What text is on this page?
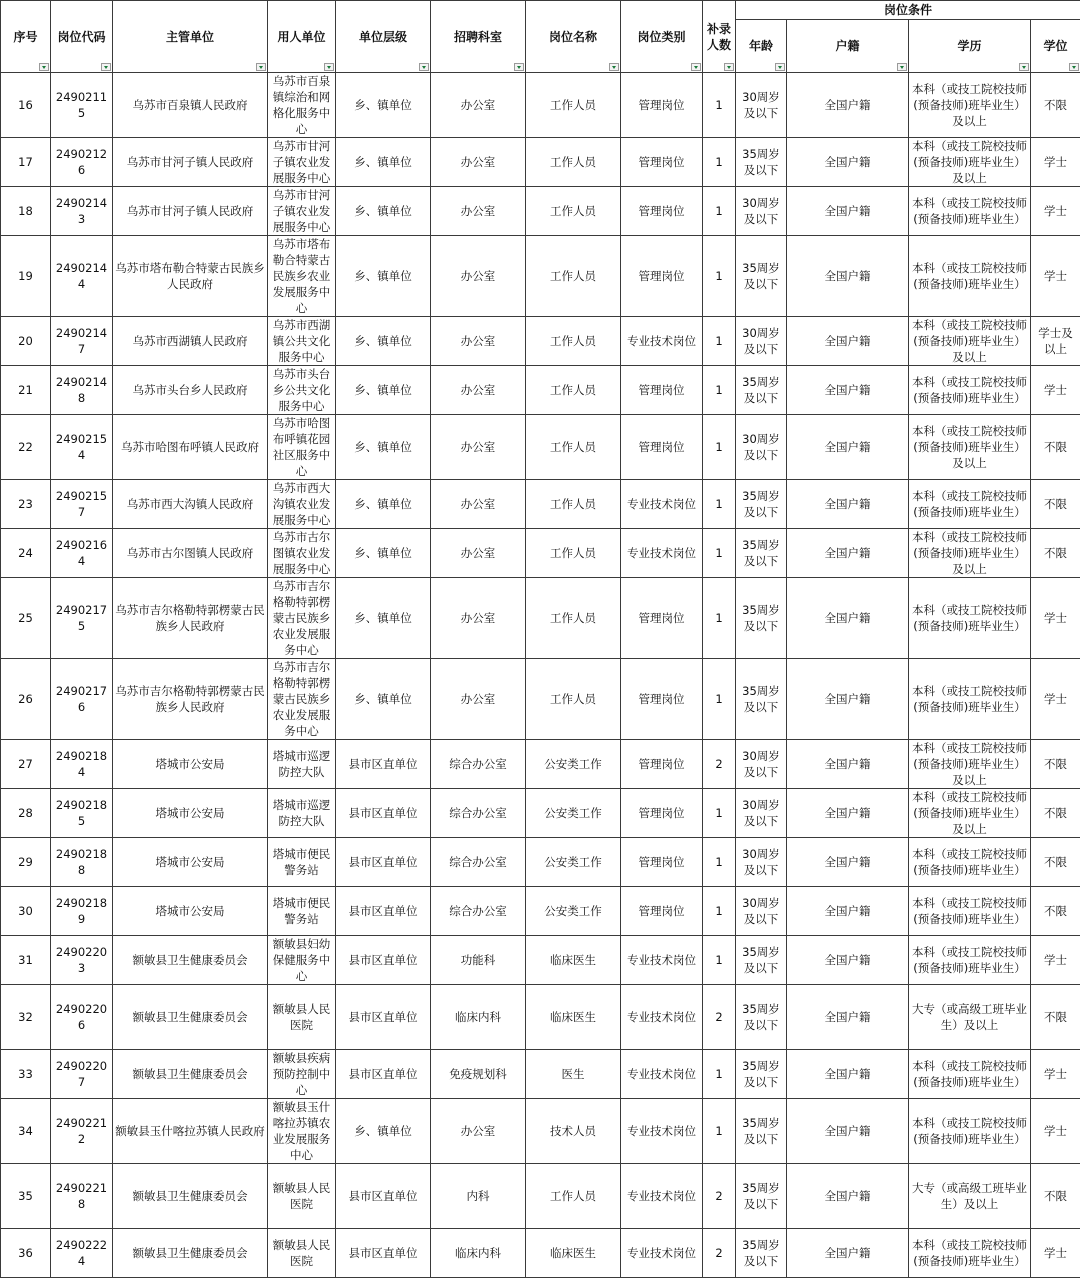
序号	岗位代码	主管单位	用人单位	单位层级	招聘科室	岗位名称	岗位类别	补录人数	岗位条件			

									年龄	户籍	学历	学位

16	24902115	乌苏市百泉镇人民政府	乌苏市百泉镇综治和网格化服务中心	乡、镇单位	办公室	工作人员	管理岗位	1	30周岁及以下	全国户籍	本科（或技工院校技师(预备技师)班毕业生）及以上	不限
17	24902126	乌苏市甘河子镇人民政府	乌苏市甘河子镇农业发展服务中心	乡、镇单位	办公室	工作人员	管理岗位	1	35周岁及以下	全国户籍	本科（或技工院校技师(预备技师)班毕业生）及以上	学士
18	24902143	乌苏市甘河子镇人民政府	乌苏市甘河子镇农业发展服务中心	乡、镇单位	办公室	工作人员	管理岗位	1	30周岁及以下	全国户籍	本科（或技工院校技师(预备技师)班毕业生）	学士
19	24902144	乌苏市塔布勒合特蒙古民族乡人民政府	乌苏市塔布勒合特蒙古民族乡农业发展服务中心	乡、镇单位	办公室	工作人员	管理岗位	1	35周岁及以下	全国户籍	本科（或技工院校技师(预备技师)班毕业生）	学士
20	24902147	乌苏市西湖镇人民政府	乌苏市西湖镇公共文化服务中心	乡、镇单位	办公室	工作人员	专业技术岗位	1	30周岁及以下	全国户籍	本科（或技工院校技师(预备技师)班毕业生）及以上	学士及以上
21	24902148	乌苏市头台乡人民政府	乌苏市头台乡公共文化服务中心	乡、镇单位	办公室	工作人员	管理岗位	1	35周岁及以下	全国户籍	本科（或技工院校技师(预备技师)班毕业生）	学士
22	24902154	乌苏市哈图布呼镇人民政府	乌苏市哈图布呼镇花园社区服务中心	乡、镇单位	办公室	工作人员	管理岗位	1	30周岁及以下	全国户籍	本科（或技工院校技师(预备技师)班毕业生）及以上	不限
23	24902157	乌苏市西大沟镇人民政府	乌苏市西大沟镇农业发展服务中心	乡、镇单位	办公室	工作人员	专业技术岗位	1	35周岁及以下	全国户籍	本科（或技工院校技师(预备技师)班毕业生）	不限
24	24902164	乌苏市古尔图镇人民政府	乌苏市古尔图镇农业发展服务中心	乡、镇单位	办公室	工作人员	专业技术岗位	1	35周岁及以下	全国户籍	本科（或技工院校技师(预备技师)班毕业生）及以上	不限
25	24902175	乌苏市吉尔格勒特郭楞蒙古民族乡人民政府	乌苏市吉尔格勒特郭楞蒙古民族乡农业发展服务中心	乡、镇单位	办公室	工作人员	管理岗位	1	35周岁及以下	全国户籍	本科（或技工院校技师(预备技师)班毕业生）	学士
26	24902176	乌苏市吉尔格勒特郭楞蒙古民族乡人民政府	乌苏市吉尔格勒特郭楞蒙古民族乡农业发展服务中心	乡、镇单位	办公室	工作人员	管理岗位	1	35周岁及以下	全国户籍	本科（或技工院校技师(预备技师)班毕业生）	学士
27	24902184	塔城市公安局	塔城市巡逻防控大队	县市区直单位	综合办公室	公安类工作	管理岗位	2	30周岁及以下	全国户籍	本科（或技工院校技师(预备技师)班毕业生）及以上	不限
28	24902185	塔城市公安局	塔城市巡逻防控大队	县市区直单位	综合办公室	公安类工作	管理岗位	1	30周岁及以下	全国户籍	本科（或技工院校技师(预备技师)班毕业生）及以上	不限
29	24902188	塔城市公安局	塔城市便民警务站	县市区直单位	综合办公室	公安类工作	管理岗位	1	30周岁及以下	全国户籍	本科（或技工院校技师(预备技师)班毕业生）	不限
30	24902189	塔城市公安局	塔城市便民警务站	县市区直单位	综合办公室	公安类工作	管理岗位	1	30周岁及以下	全国户籍	本科（或技工院校技师(预备技师)班毕业生）	不限
31	24902203	额敏县卫生健康委员会	额敏县妇幼保健服务中心	县市区直单位	功能科	临床医生	专业技术岗位	1	35周岁及以下	全国户籍	本科（或技工院校技师(预备技师)班毕业生）	学士
32	24902206	额敏县卫生健康委员会	额敏县人民医院	县市区直单位	临床内科	临床医生	专业技术岗位	2	35周岁及以下	全国户籍	大专（或高级工班毕业生）及以上	不限
33	24902207	额敏县卫生健康委员会	额敏县疾病预防控制中心	县市区直单位	免疫规划科	医生	专业技术岗位	1	35周岁及以下	全国户籍	本科（或技工院校技师(预备技师)班毕业生）	学士
34	24902212	额敏县玉什喀拉苏镇人民政府	额敏县玉什喀拉苏镇农业发展服务中心	乡、镇单位	办公室	技术人员	专业技术岗位	1	35周岁及以下	全国户籍	本科（或技工院校技师(预备技师)班毕业生）	学士
35	24902218	额敏县卫生健康委员会	额敏县人民医院	县市区直单位	内科	工作人员	专业技术岗位	2	35周岁及以下	全国户籍	大专（或高级工班毕业生）及以上	不限
36	24902224	额敏县卫生健康委员会	额敏县人民医院	县市区直单位	临床内科	临床医生	专业技术岗位	2	35周岁及以下	全国户籍	本科（或技工院校技师(预备技师)班毕业生）	学士
